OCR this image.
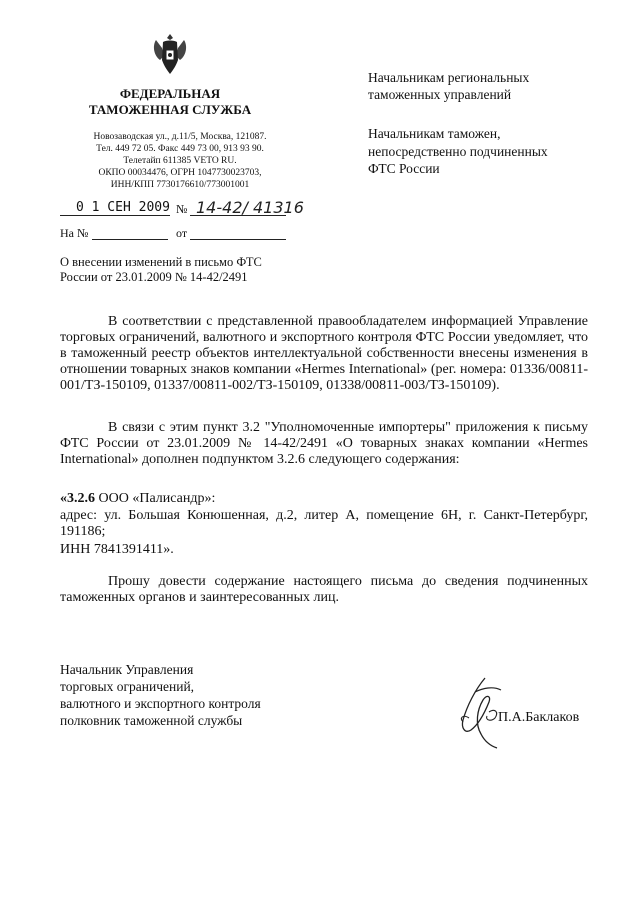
ФЕДЕРАЛЬНАЯ
ТАМОЖЕННАЯ СЛУЖБА
Новозаводская ул., д.11/5, Москва, 121087.
Тел. 449 72 05. Факс 449 73 00, 913 93 90.
Телетайп 611385 VETO RU.
ОКПО 00034476, ОГРН 1047730023703,
ИНН/КПП 7730176610/773001001
0 1 СЕН 2009 № 14-42/ 41316
На №	от
О внесении изменений в письмо ФТС
России от 23.01.2009 № 14-42/2491
Начальникам региональных
таможенных управлений
Начальникам таможен,
непосредственно подчиненных
ФТС России
В соответствии с представленной правообладателем информацией Управление торговых ограничений, валютного и экспортного контроля ФТС России уведомляет, что в таможенный реестр объектов интеллектуальной собственности внесены изменения в отношении товарных знаков компании «Hermes International» (рег. номера: 01336/00811-001/ТЗ-150109, 01337/00811-002/ТЗ-150109, 01338/00811-003/ТЗ-150109).
В связи с этим пункт 3.2 "Уполномоченные импортеры" приложения к письму ФТС России от 23.01.2009 № 14-42/2491 «О товарных знаках компании «Hermes International» дополнен подпунктом 3.2.6 следующего содержания:
«3.2.6 ООО «Палисандр»:
адрес: ул. Большая Конюшенная, д.2, литер А, помещение 6Н, г. Санкт-Петербург, 191186;
ИНН 7841391411».
Прошу довести содержание настоящего письма до сведения подчиненных таможенных органов и заинтересованных лиц.
Начальник Управления
торговых ограничений,
валютного и экспортного контроля
полковник таможенной службы	П.А.Баклаков
